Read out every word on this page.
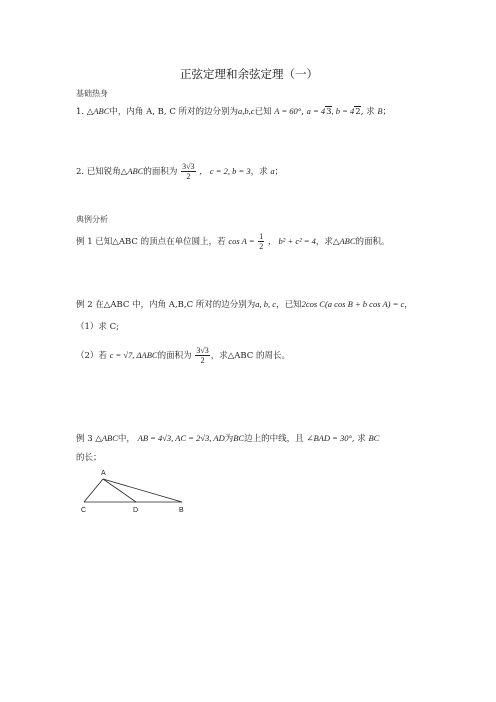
正弦定理和余弦定理（一）
基础热身
1. △ABC中，内角 A, B, C 所对的边分别为a,b,c已知 A = 60°, a = 43, b = 42, 求 B；
2. 已知锐角△ABC的面积为 $\frac{3√3}{2}$ ， c = 2, b = 3，求 a；
典例分析
例 1 已知△ABC 的顶点在单位圆上，若 $\cos A = \frac{1}{2}$ ， b² + c² = 4，求△ABC的面积。
例 2 在△ABC 中，内角 A,B,C 所对的边分别为a, b, c，已知2cos C(a cos B + b cos A) = c，
（1）求 C;
（2）若 c = √7, ΔABC的面积为 $\frac{3√3}{2}$ ，求△ABC 的周长。
例 3 △ABC中， AB = 4√3, AC = 2√3, AD为BC边上的中线，且 ∠BAD = 30°, 求 BC
的长；
A
C	D	B
